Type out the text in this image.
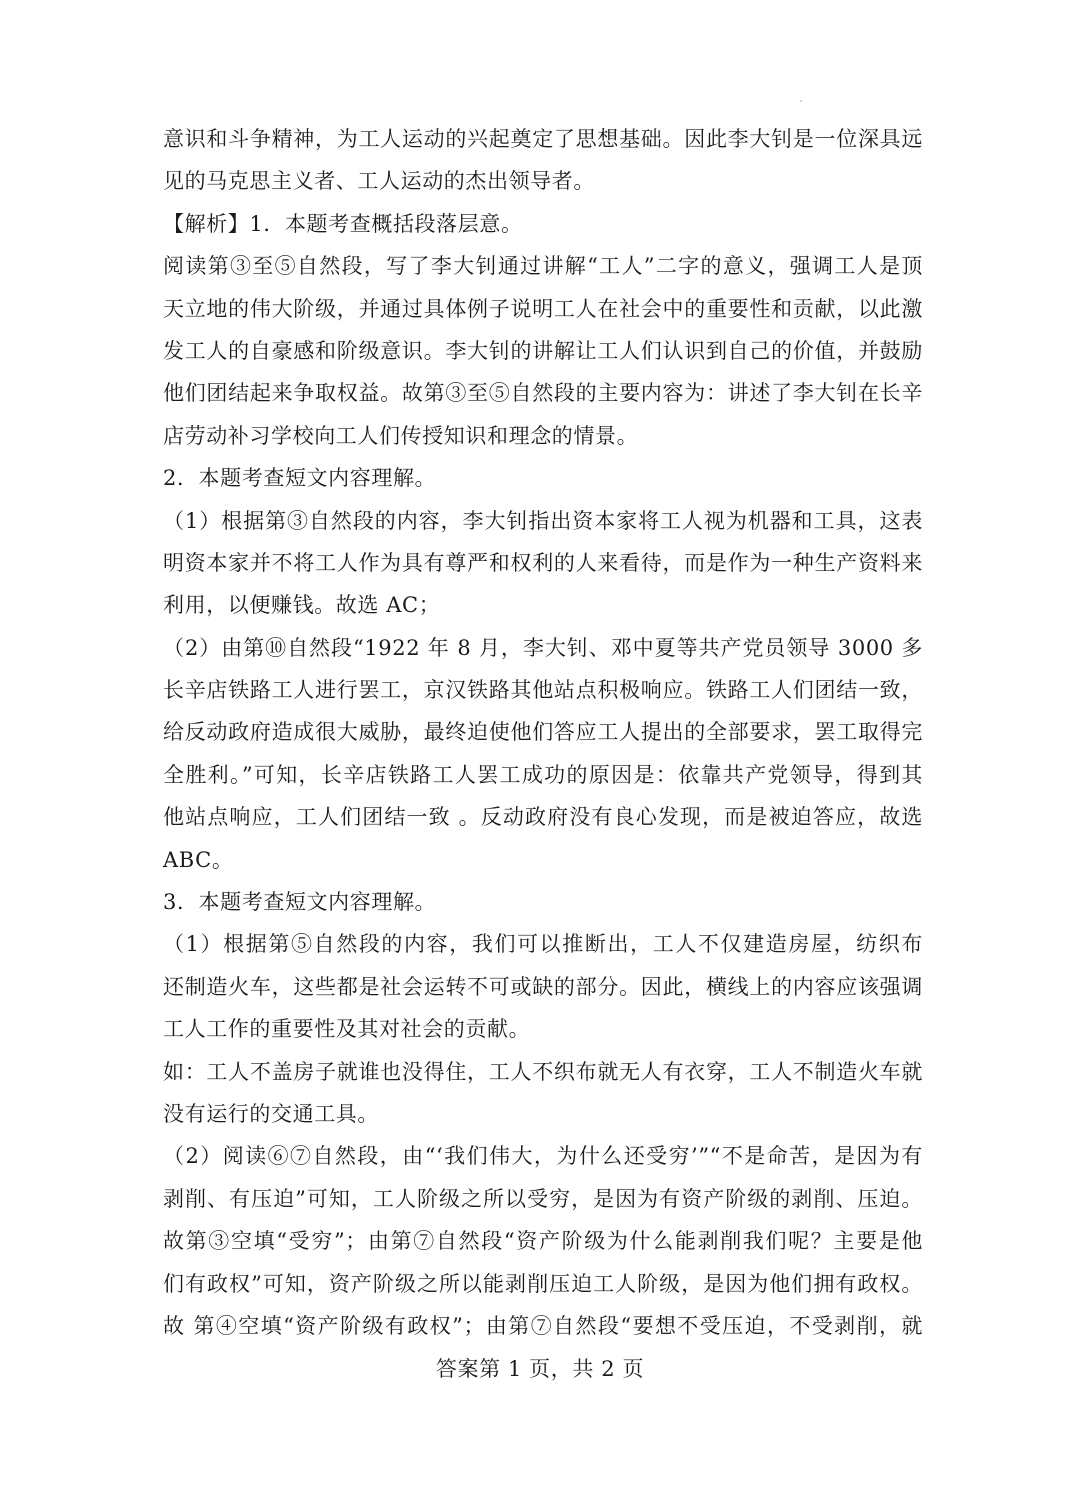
意识和斗争精神，为工人运动的兴起奠定了思想基础。因此李大钊是一位深具远
见的马克思主义者、工人运动的杰出领导者。
【解析】1．本题考查概括段落层意。
阅读第③至⑤自然段，写了李大钊通过讲解“工人”二字的意义，强调工人是顶
天立地的伟大阶级，并通过具体例子说明工人在社会中的重要性和贡献，以此激
发工人的自豪感和阶级意识。李大钊的讲解让工人们认识到自己的价值，并鼓励
他们团结起来争取权益。故第③至⑤自然段的主要内容为：讲述了李大钊在长辛
店劳动补习学校向工人们传授知识和理念的情景。
2．本题考查短文内容理解。
（1）根据第③自然段的内容，李大钊指出资本家将工人视为机器和工具，这表
明资本家并不将工人作为具有尊严和权利的人来看待，而是作为一种生产资料来
利用，以便赚钱。故选 AC；
（2）由第⑩自然段“1922 年 8 月，李大钊、邓中夏等共产党员领导 3000 多
长辛店铁路工人进行罢工，京汉铁路其他站点积极响应。铁路工人们团结一致，
给反动政府造成很大威胁，最终迫使他们答应工人提出的全部要求，罢工取得完
全胜利。”可知，长辛店铁路工人罢工成功的原因是：依靠共产党领导，得到其
他站点响应，工人们团结一致 。反动政府没有良心发现，而是被迫答应，故选
ABC。
3．本题考查短文内容理解。
（1）根据第⑤自然段的内容，我们可以推断出，工人不仅建造房屋，纺织布
还制造火车，这些都是社会运转不可或缺的部分。因此，横线上的内容应该强调
工人工作的重要性及其对社会的贡献。
如：工人不盖房子就谁也没得住，工人不织布就无人有衣穿，工人不制造火车就
没有运行的交通工具。
（2）阅读⑥⑦自然段，由“‘我们伟大，为什么还受穷’”“不是命苦，是因为有
剥削、有压迫”可知，工人阶级之所以受穷，是因为有资产阶级的剥削、压迫。
故第③空填“受穷”；由第⑦自然段“资产阶级为什么能剥削我们呢？主要是他
们有政权”可知，资产阶级之所以能剥削压迫工人阶级，是因为他们拥有政权。
故 第④空填“资产阶级有政权”；由第⑦自然段“要想不受压迫，不受剥削，就
答案第 1 页，共 2 页
